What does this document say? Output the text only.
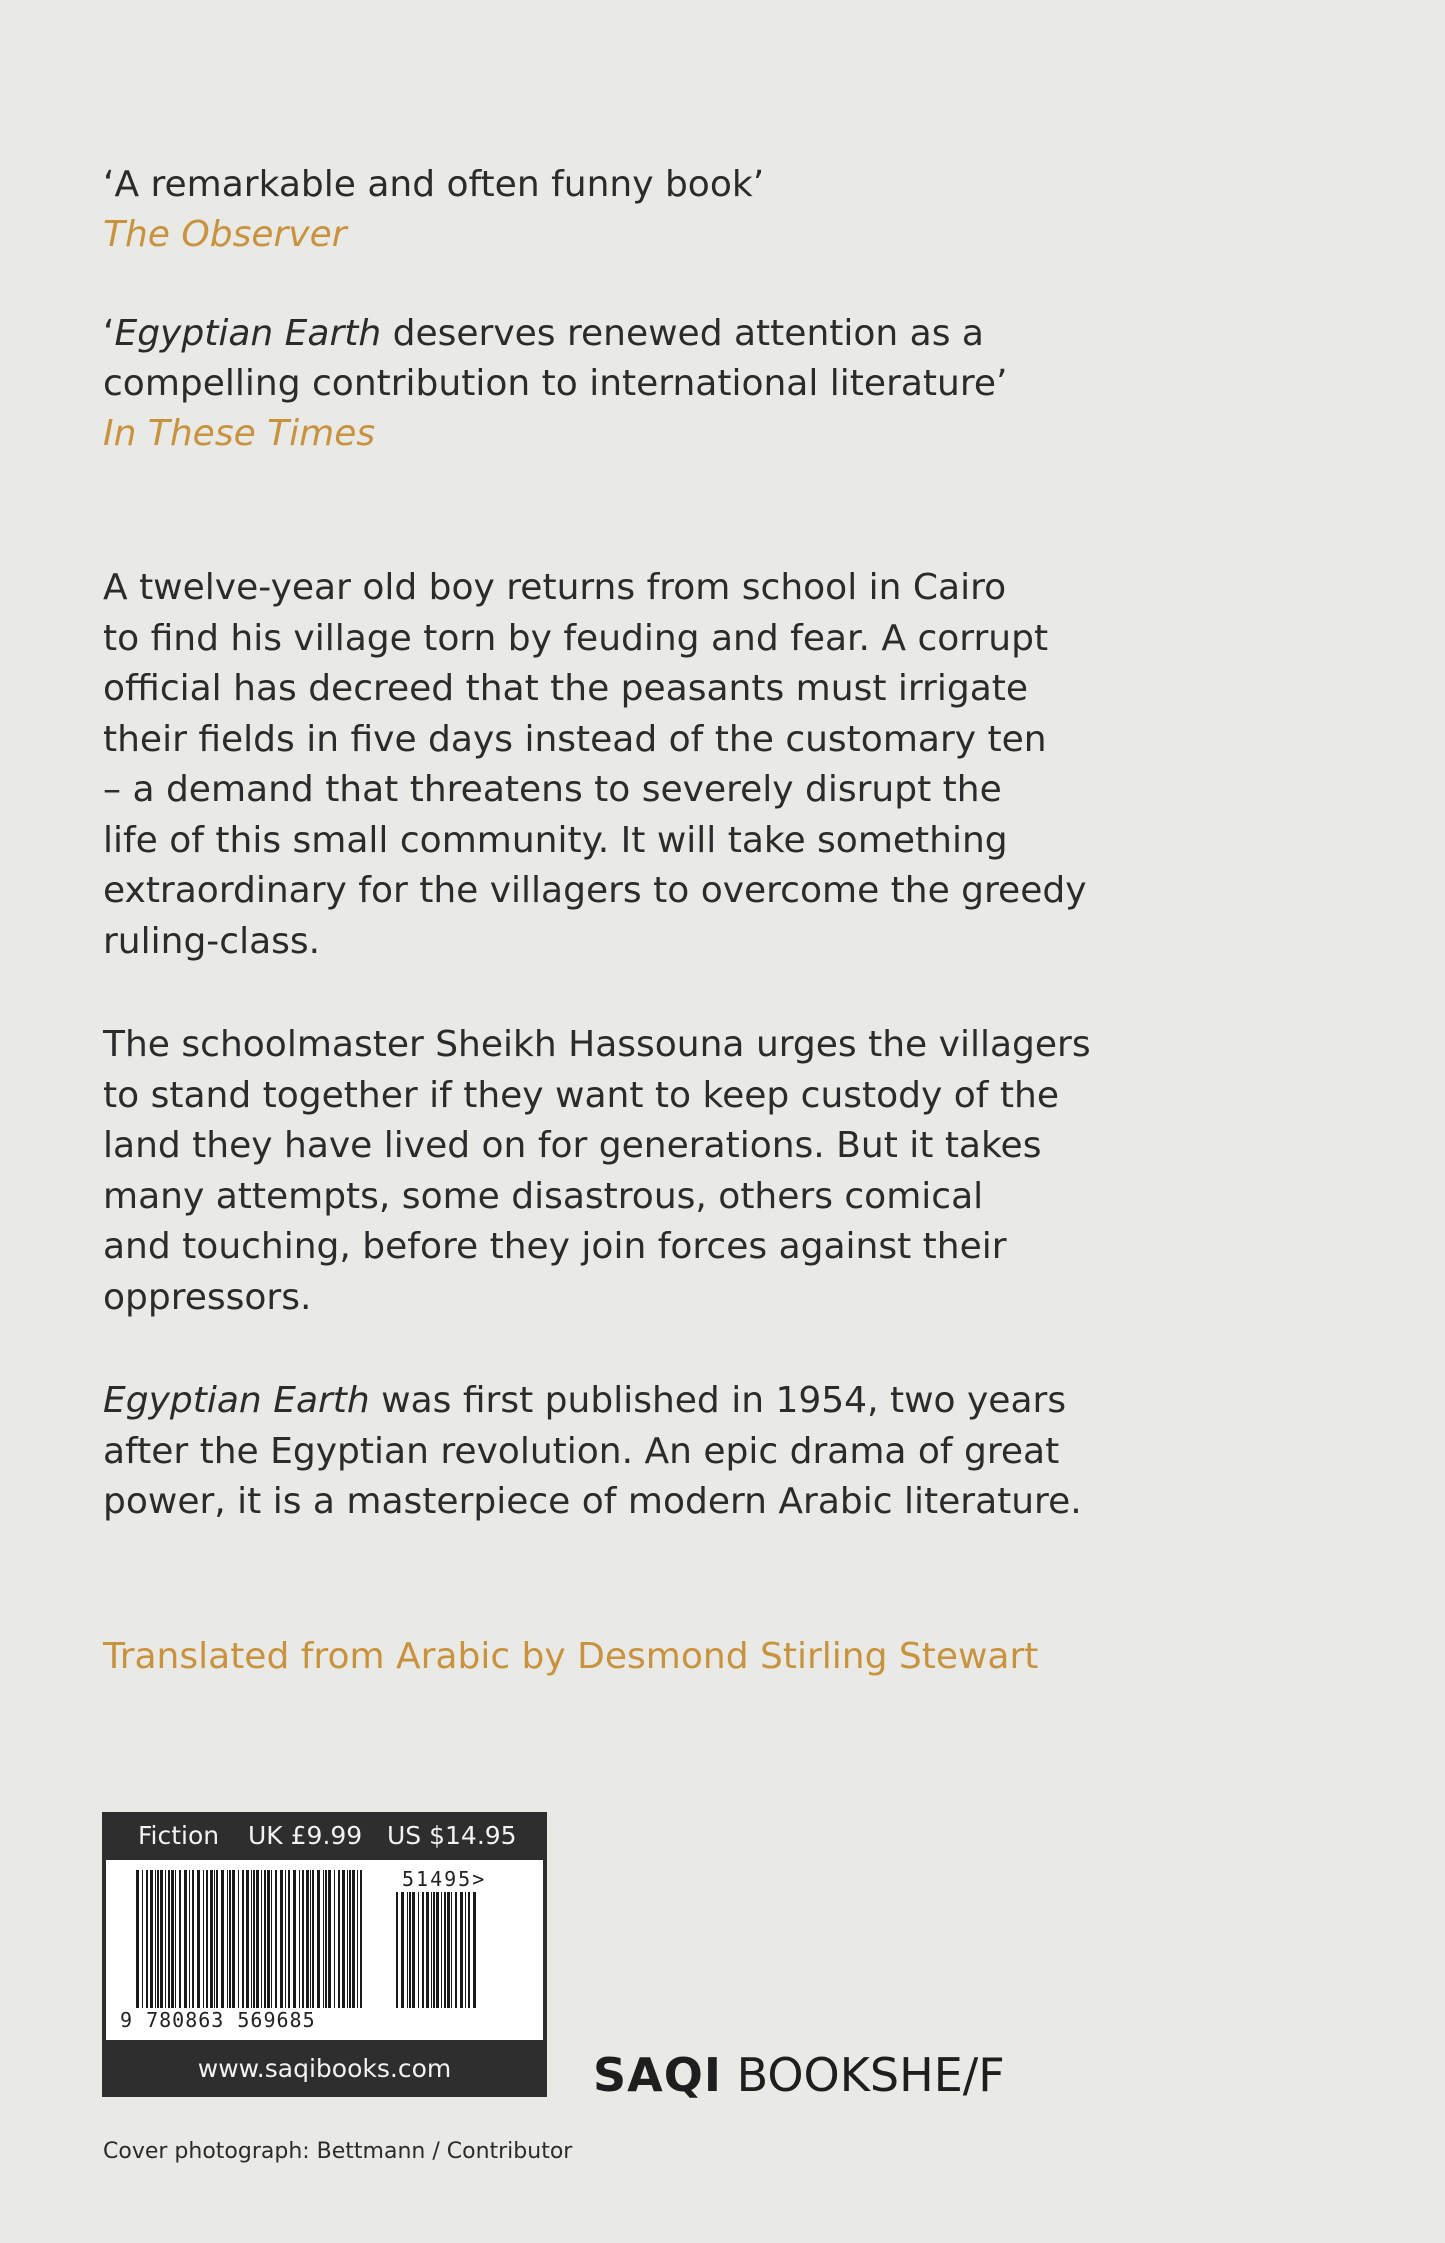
‘A remarkable and often funny book’

The Observer

‘Egyptian Earth deserves renewed attention as a

compelling contribution to international literature’

In These Times

A twelve-year old boy returns from school in Cairo

to find his village torn by feuding and fear. A corrupt

official has decreed that the peasants must irrigate

their fields in five days instead of the customary ten

– a demand that threatens to severely disrupt the

life of this small community. It will take something

extraordinary for the villagers to overcome the greedy

ruling-class.

The schoolmaster Sheikh Hassouna urges the villagers

to stand together if they want to keep custody of the

land they have lived on for generations. But it takes

many attempts, some disastrous, others comical

and touching, before they join forces against their

oppressors.

Egyptian Earth was first published in 1954, two years

after the Egyptian revolution. An epic drama of great

power, it is a masterpiece of modern Arabic literature.

Translated from Arabic by Desmond Stirling Stewart
Fiction UK £9.99 US $14.95
9 780863 569685
51495>
www.saqibooks.com	SAQI BOOKSHE/F
Cover photograph: Bettmann / Contributor
